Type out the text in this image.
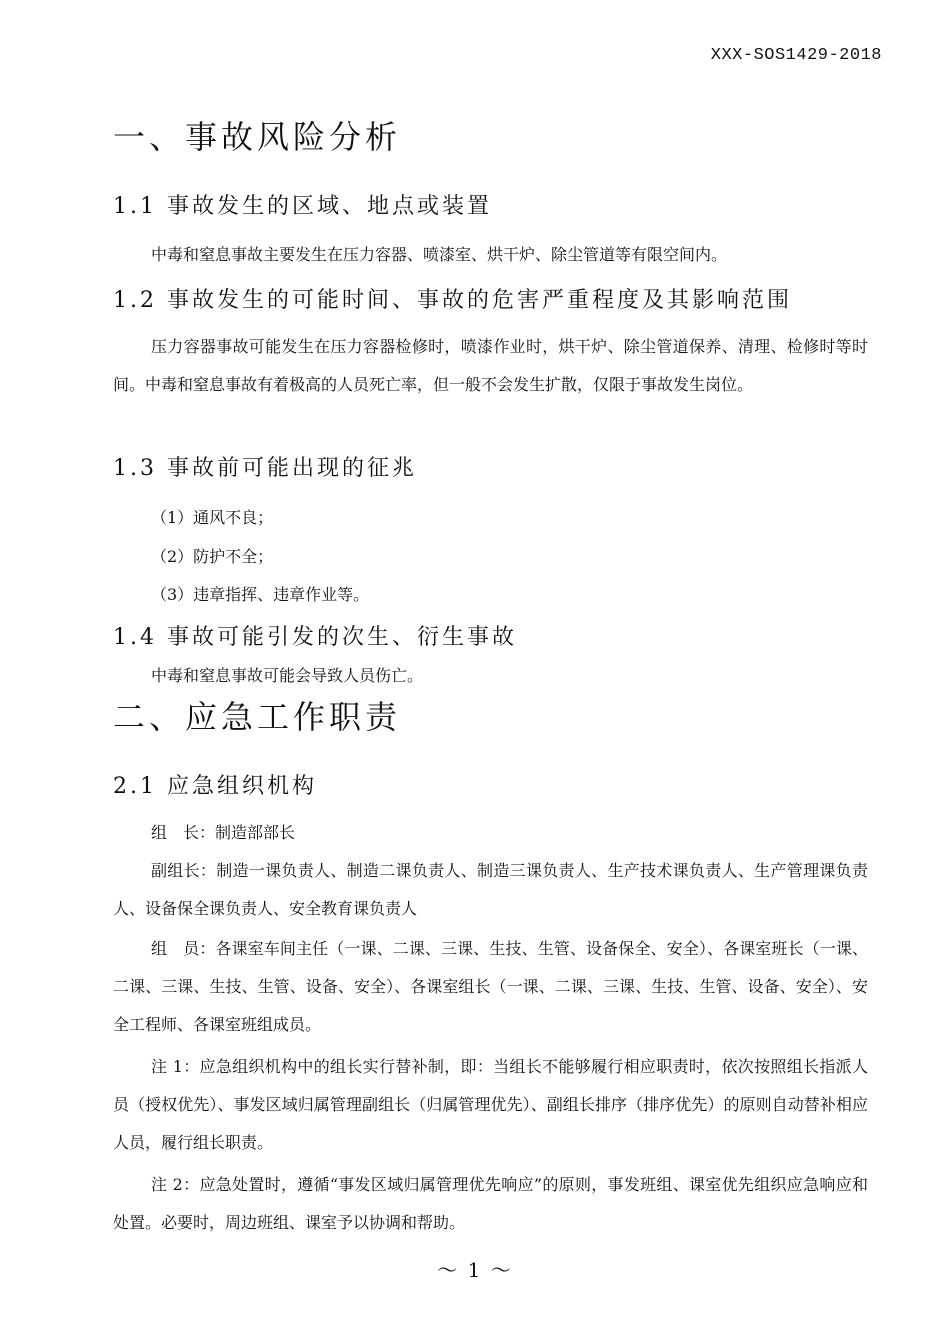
XXX-SOS1429-2018
一、事故风险分析
1.1 事故发生的区域、地点或装置

中毒和窒息事故主要发生在压力容器、喷漆室、烘干炉、除尘管道等有限空间内。

1.2 事故发生的可能时间、事故的危害严重程度及其影响范围

压力容器事故可能发生在压力容器检修时，喷漆作业时，烘干炉、除尘管道保养、清理、检修时等时间。中毒和窒息事故有着极高的人员死亡率，但一般不会发生扩散，仅限于事故发生岗位。

1.3 事故前可能出现的征兆

（1）通风不良；

（2）防护不全；

（3）违章指挥、违章作业等。

1.4 事故可能引发的次生、衍生事故

中毒和窒息事故可能会导致人员伤亡。

二、应急工作职责
2.1 应急组织机构

组　长：制造部部长

副组长：制造一课负责人、制造二课负责人、制造三课负责人、生产技术课负责人、生产管理课负责人、设备保全课负责人、安全教育课负责人

组　员：各课室车间主任（一课、二课、三课、生技、生管、设备保全、安全）、各课室班长（一课、二课、三课、生技、生管、设备、安全）、各课室组长（一课、二课、三课、生技、生管、设备、安全）、安全工程师、各课室班组成员。

注 1：应急组织机构中的组长实行替补制，即：当组长不能够履行相应职责时，依次按照组长指派人员（授权优先）、事发区域归属管理副组长（归属管理优先）、副组长排序（排序优先）的原则自动替补相应人员，履行组长职责。

注 2：应急处置时，遵循“事发区域归属管理优先响应”的原则，事发班组、课室优先组织应急响应和处置。必要时，周边班组、课室予以协调和帮助。

～ 1 ～
